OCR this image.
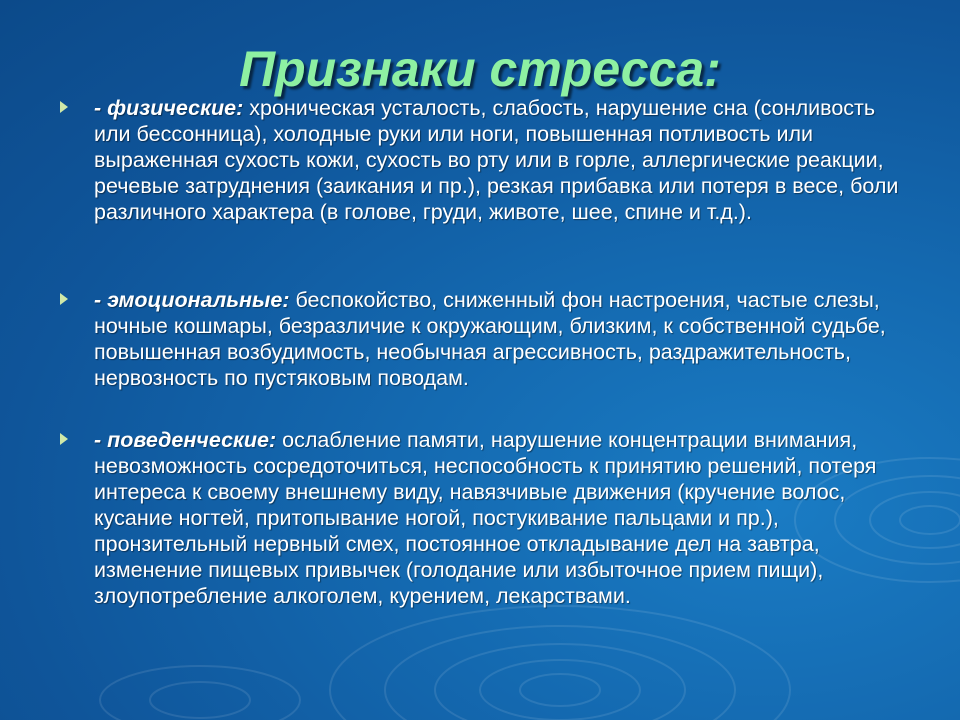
Признаки стресса:
- физические: хроническая усталость, слабость, нарушение сна (сонливость или бессонница), холодные руки или ноги, повышенная потливость или выраженная сухость кожи, сухость во рту или в горле, аллергические реакции, речевые затруднения (заикания и пр.), резкая прибавка или потеря в весе, боли различного характера (в голове, груди, животе, шее, спине и т.д.).
- эмоциональные: беспокойство, сниженный фон настроения, частые слезы, ночные кошмары, безразличие к окружающим, близким, к собственной судьбе, повышенная возбудимость, необычная агрессивность, раздражительность, нервозность по пустяковым поводам.
- поведенческие: ослабление памяти, нарушение концентрации внимания, невозможность сосредоточиться, неспособность к принятию решений, потеря интереса к своему внешнему виду, навязчивые движения (кручение волос, кусание ногтей, притопывание ногой, постукивание пальцами и пр.), пронзительный нервный смех, постоянное откладывание дел на завтра, изменение пищевых привычек (голодание или избыточное прием пищи), злоупотребление алкоголем, курением, лекарствами.
